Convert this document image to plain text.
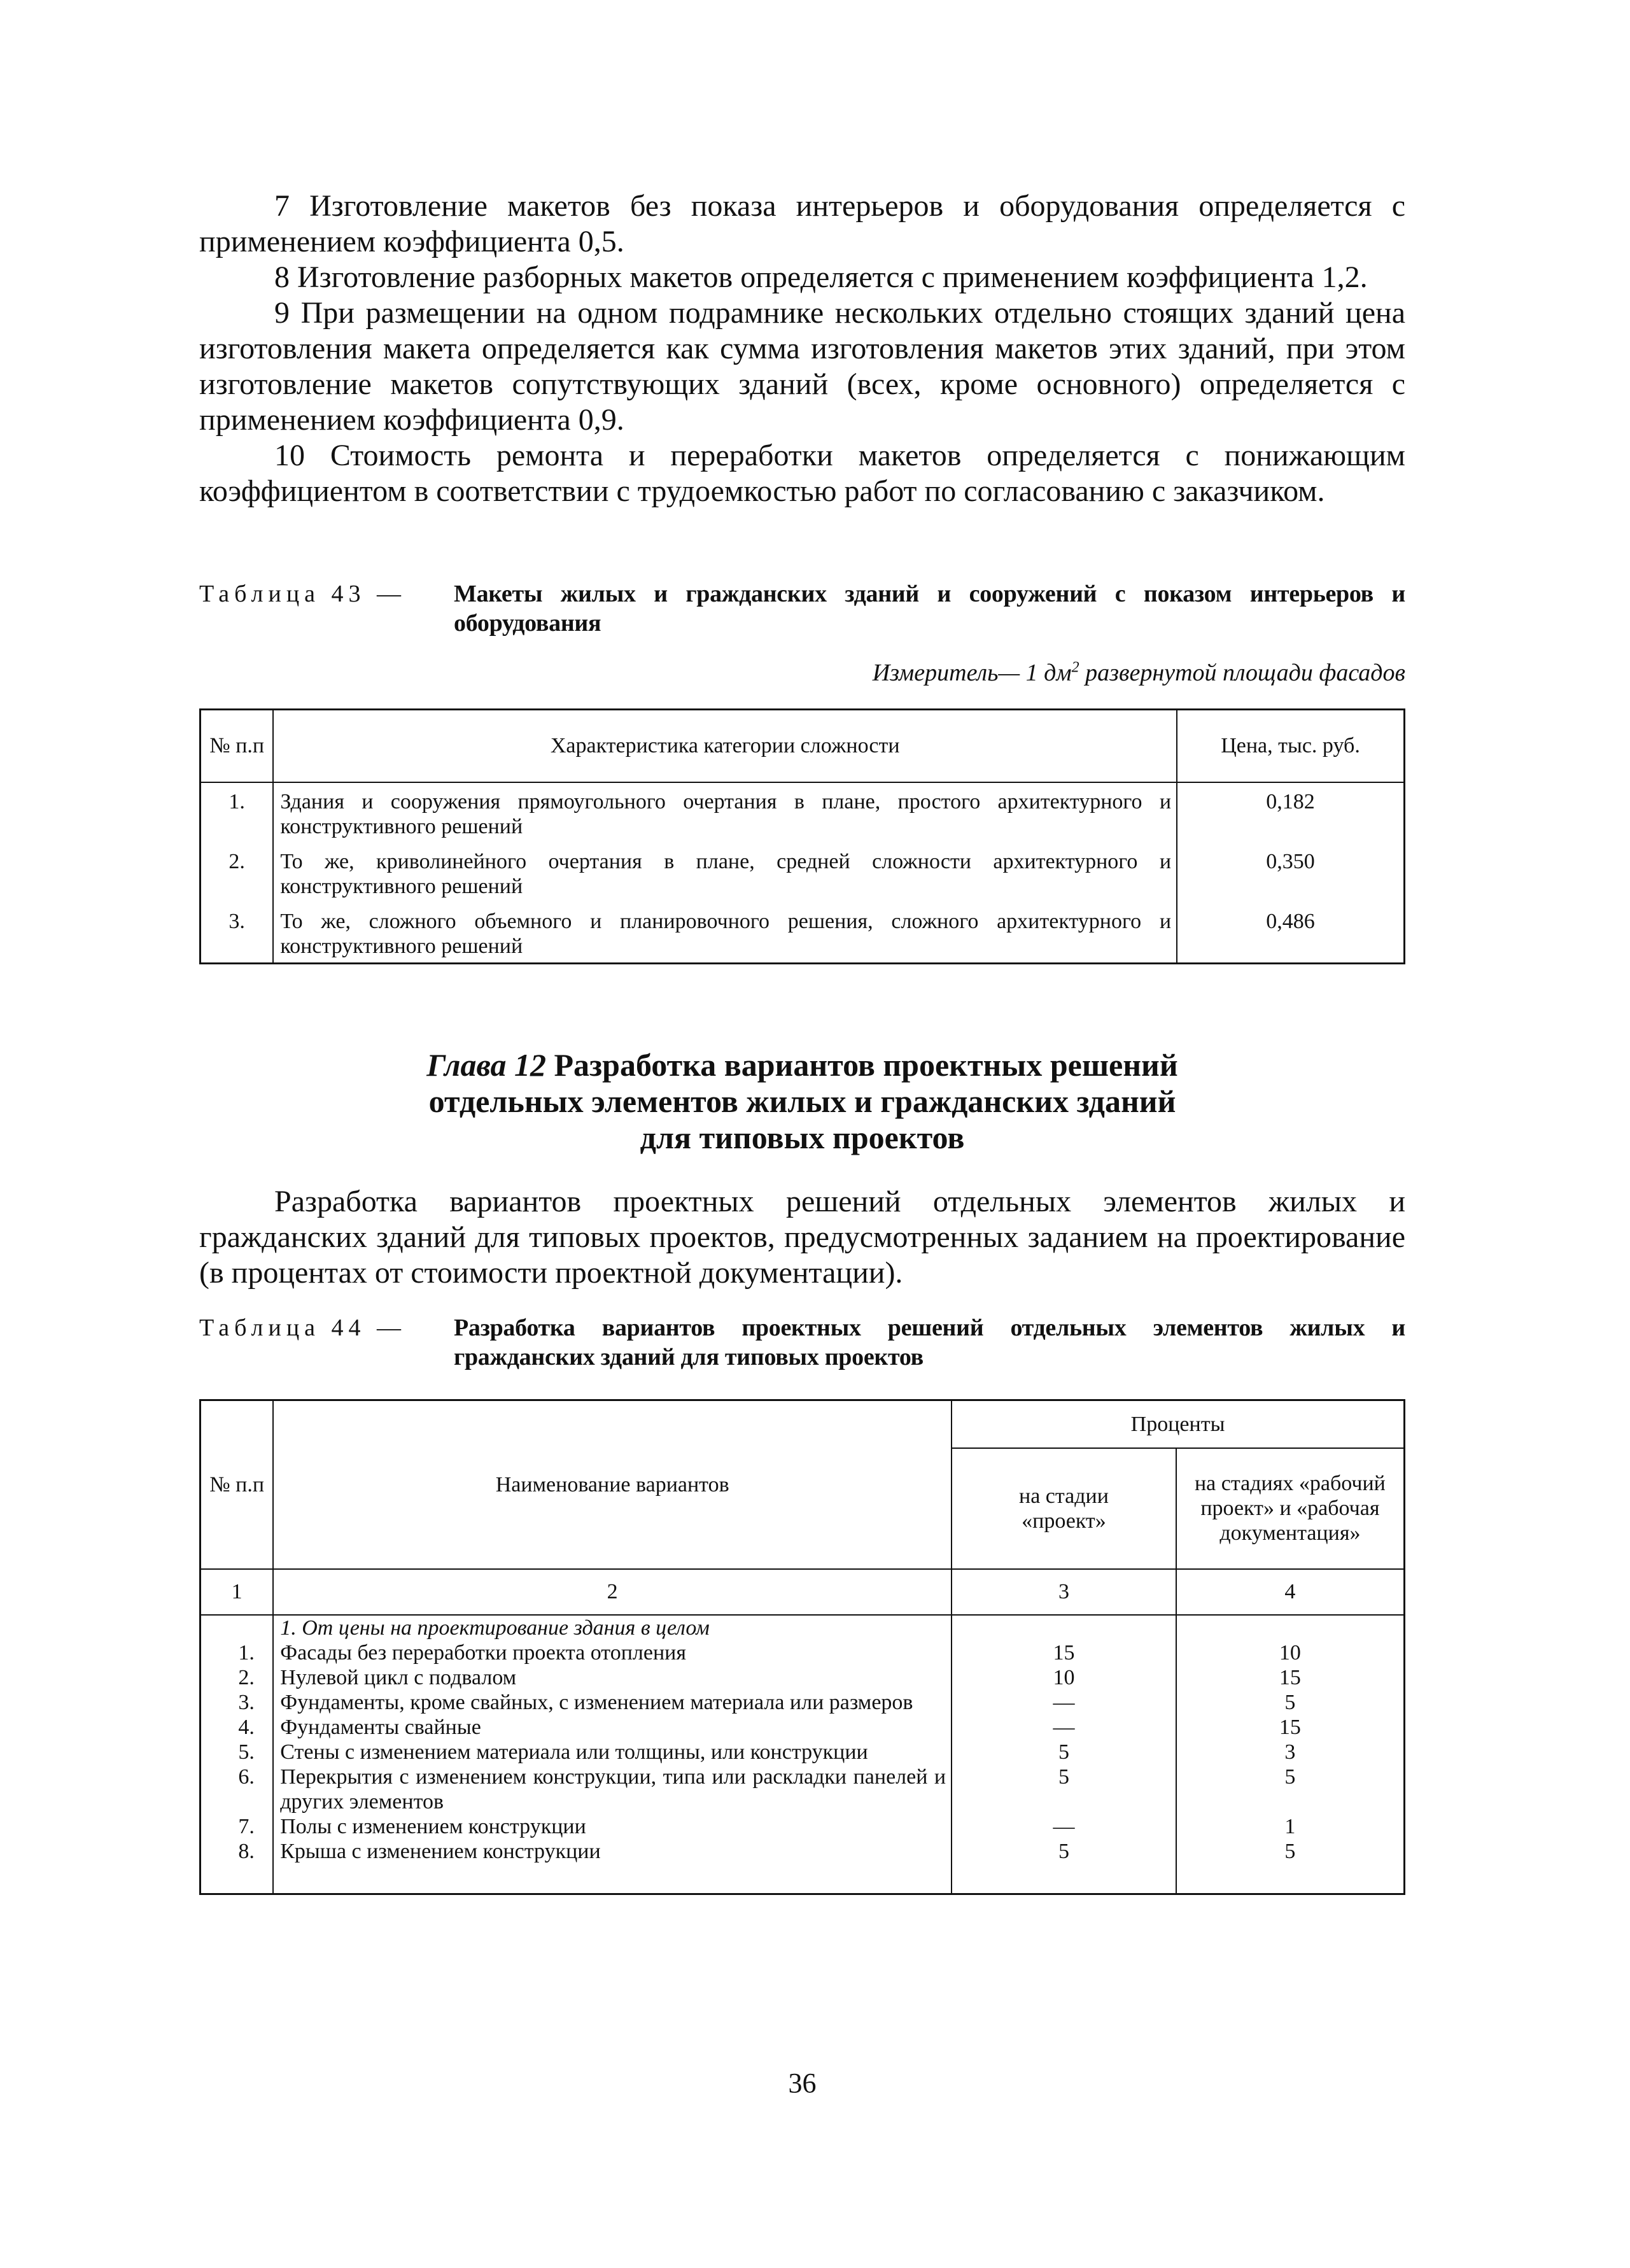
7 Изготовление макетов без показа интерьеров и оборудования определяется с применением коэффициента 0,5.

8 Изготовление разборных макетов определяется с применением коэффициента 1,2.

9 При размещении на одном подрамнике нескольких отдельно стоящих зданий цена изготовления макета определяется как сумма изготовления макетов этих зданий, при этом изготовление макетов сопутствующих зданий (всех, кроме основного) определяется с применением коэффициента 0,9.

10 Стоимость ремонта и переработки макетов определяется с понижающим коэффициентом в соответствии с трудоемкостью работ по согласованию с заказчиком.

Таблица 43 — Макеты жилых и гражданских зданий и сооружений с показом интерьеров и оборудования
Измеритель— 1 $дм^2$ развернутой площади фасадов
№ п.п	Характеристика категории сложности	Цена, тыс. руб.
1.	Здания и сооружения прямоугольного очертания в плане, простого архитектурного и конструктивного решений	0,182
2.	То же, криволинейного очертания в плане, средней сложности архитектурного и конструктивного решений	0,350
3.	То же, сложного объемного и планировочного решения, сложного архитектурного и конструктивного решений	0,486
Глава 12 Разработка вариантов проектных решений
отдельных элементов жилых и гражданских зданий
для типовых проектов

Разработка вариантов проектных решений отдельных элементов жилых и гражданских зданий для типовых проектов, предусмотренных заданием на проектирование (в процентах от стоимости проектной документации).

Таблица 44 — Разработка вариантов проектных решений отдельных элементов жилых и гражданских зданий для типовых проектов
№ п.п	Наименование вариантов	Проценты	
		на стадии «проект»	на стадиях «рабочий проект» и «рабочая документация»
1	2	3	4
	1. От цены на проектирование здания в целом		
1.	Фасады без переработки проекта отопления	15	10
2.	Нулевой цикл с подвалом	10	15
3.	Фундаменты, кроме свайных, с изменением материала или размеров	—	5
4.	Фундаменты свайные	—	15
5.	Стены с изменением материала или толщины, или конструкции	5	3
6.	Перекрытия с изменением конструкции, типа или раскладки панелей и других элементов	5	5
7.	Полы с изменением конструкции	—	1
8.	Крыша с изменением конструкции	5	5
36
